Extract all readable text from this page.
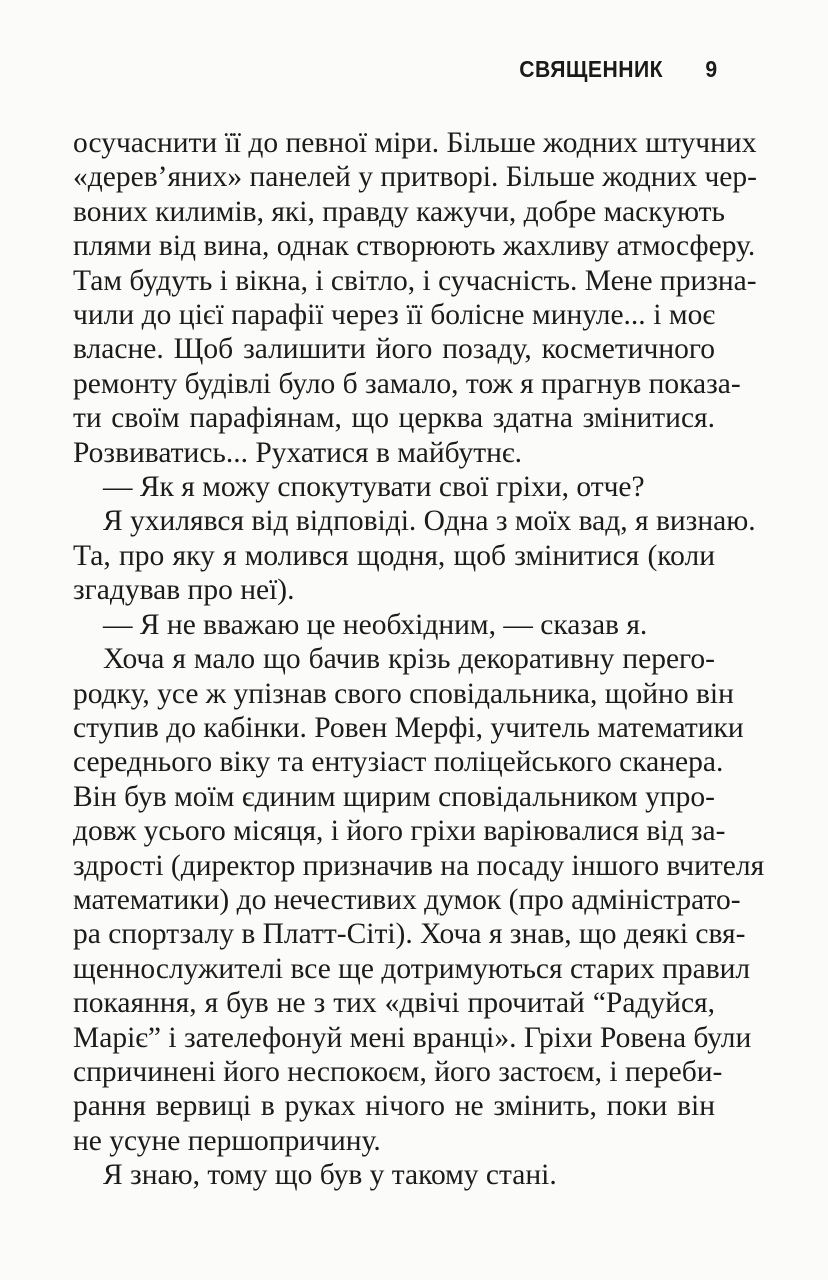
СВЯЩЕННИК 9

осучаснити її до певної міри. Більше жодних штучних
«дерев’яних» панелей у притворі. Більше жодних чер-
воних килимів, які, правду кажучи, добре маскують
плями від вина, однак створюють жахливу атмосферу.
Там будуть і вікна, і світло, і сучасність. Мене призна-
чили до цієї парафії через її болісне минуле... і моє
власне. Щоб залишити його позаду, косметичного
ремонту будівлі було б замало, тож я прагнув показа-
ти своїм парафіянам, що церква здатна змінитися.
Розвиватись... Рухатися в майбутнє.

— Як я можу спокутувати свої гріхи, отче?

Я ухилявся від відповіді. Одна з моїх вад, я визнаю.
Та, про яку я молився щодня, щоб змінитися (коли
згадував про неї).

— Я не вважаю це необхідним, — сказав я.

Хоча я мало що бачив крізь декоративну перего-
родку, усе ж упізнав свого сповідальника, щойно він
ступив до кабінки. Ровен Мерфі, учитель математики
середнього віку та ентузіаст поліцейського сканера.
Він був моїм єдиним щирим сповідальником упро-
довж усього місяця, і його гріхи варіювалися від за-
здрості (директор призначив на посаду іншого вчителя
математики) до нечестивих думок (про адміністрато-
ра спортзалу в Платт-Сіті). Хоча я знав, що деякі свя-
щеннослужителі все ще дотримуються старих правил
покаяння, я був не з тих «двічі прочитай “Радуйся,
Маріє” і зателефонуй мені вранці». Гріхи Ровена були
спричинені його неспокоєм, його застоєм, і переби-
рання вервиці в руках нічого не змінить, поки він
не усуне першопричину.

Я знаю, тому що був у такому стані.
